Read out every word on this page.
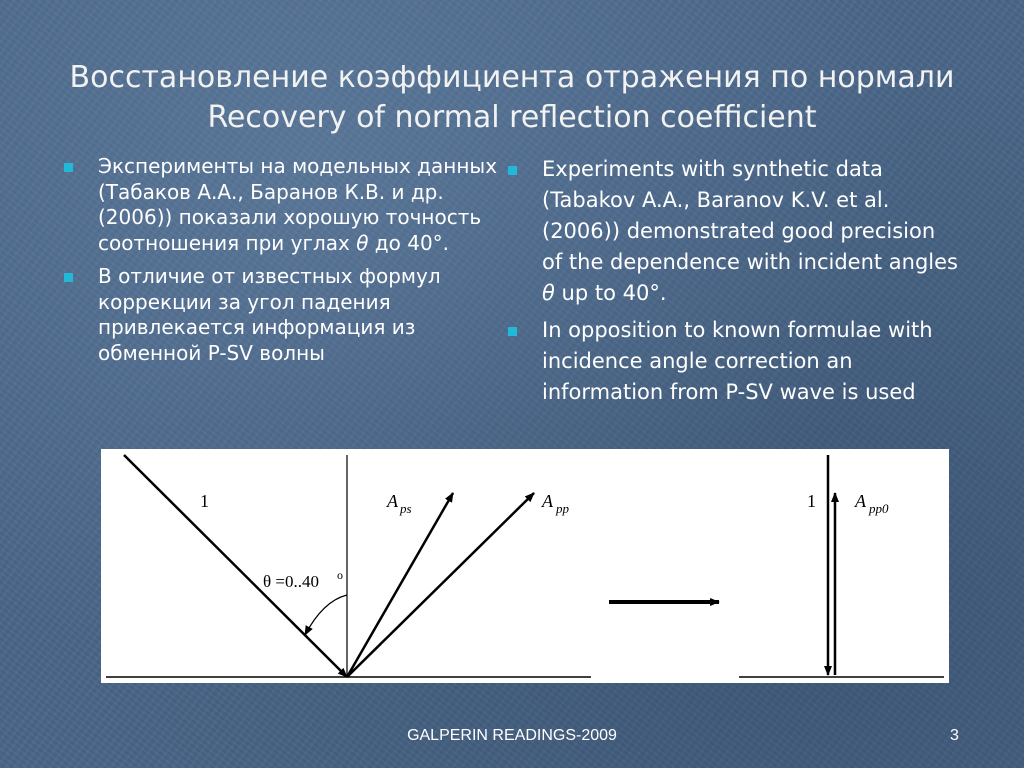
Восстановление коэффициента отражения по нормали
Recovery of normal reflection coefficient
Эксперименты на модельных данных (Табаков А.А., Баранов К.В. и др. (2006)) показали хорошую точность соотношения при углах θ до 40°.
В отличие от известных формул коррекции за угол падения привлекается информация из обменной P-SV волны
Experiments with synthetic data (Tabakov A.A., Baranov K.V. et al. (2006)) demonstrated good precision of the dependence with incident angles θ up to 40°.
In opposition to known formulae with incidence angle correction an information from P-SV wave is used
1
θ =0..40 o
A ps	A pp	1 A pp0
GALPERIN READINGS-2009	3
